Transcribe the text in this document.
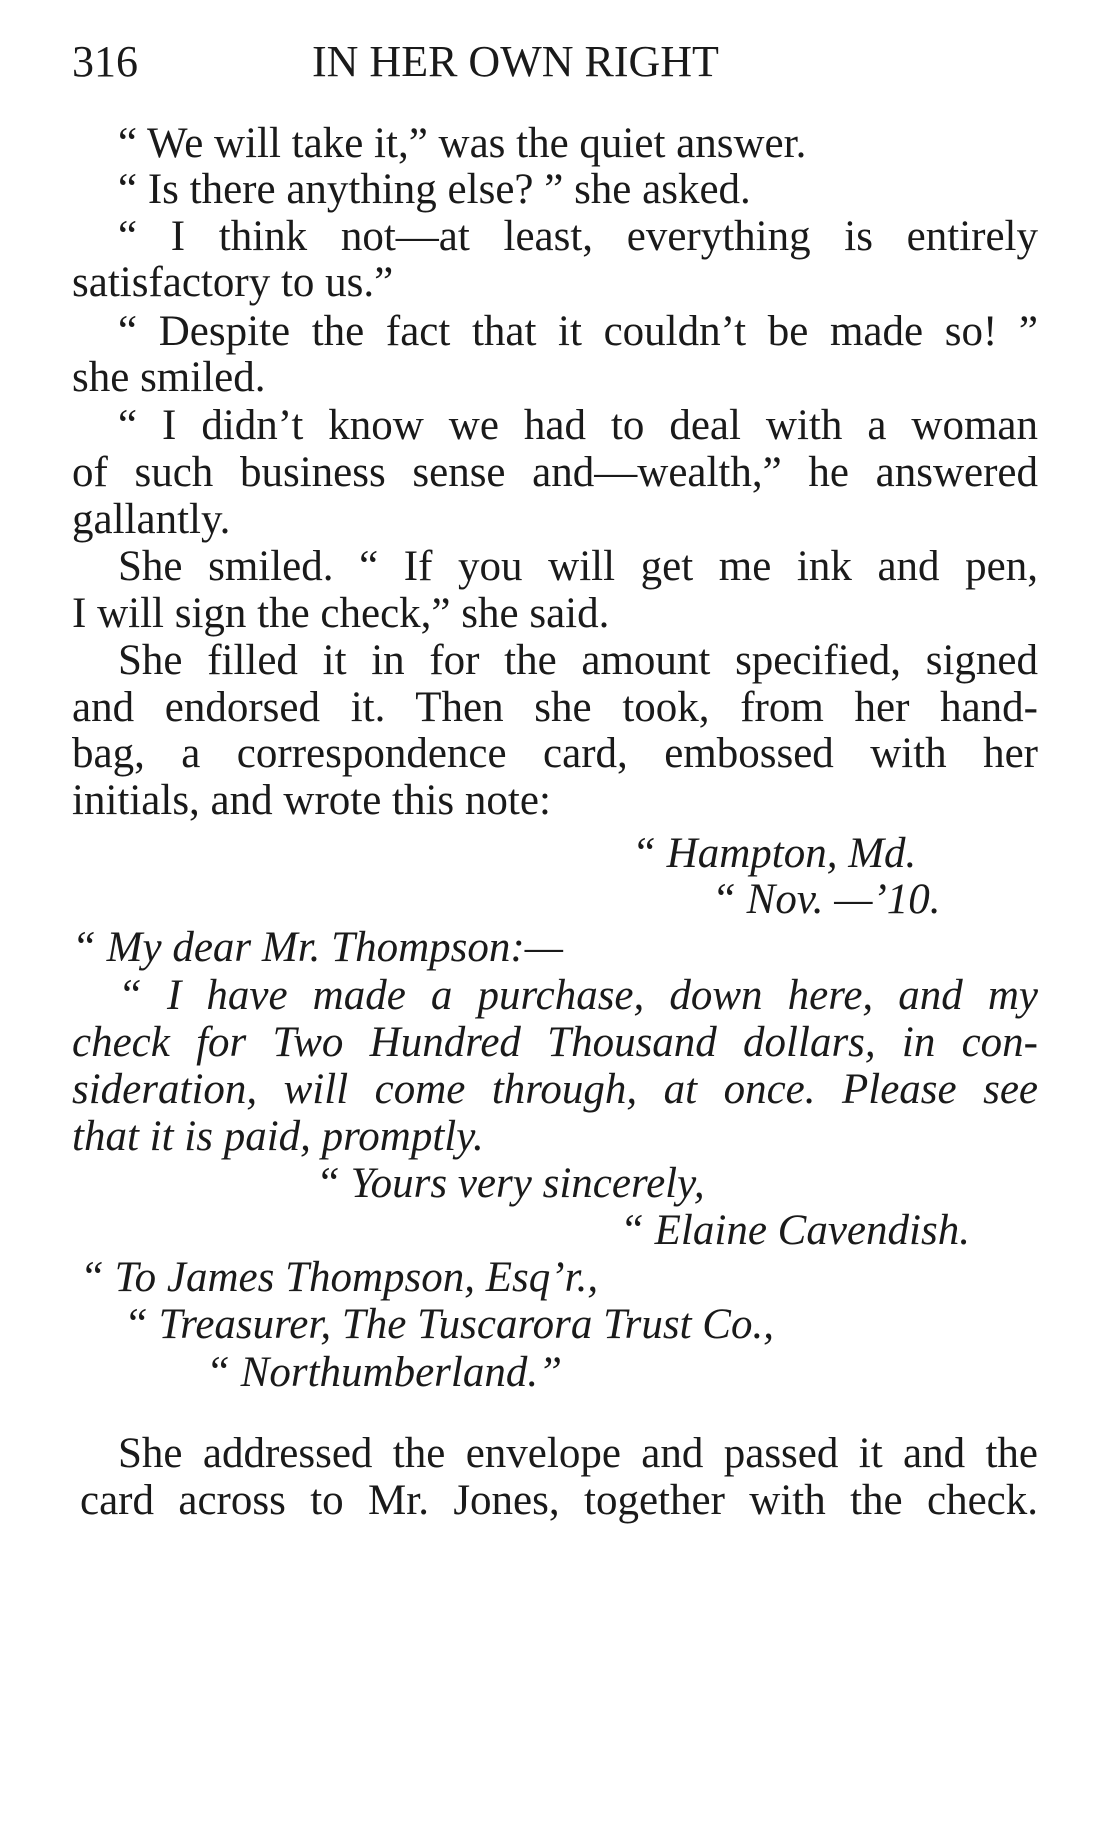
316	IN HER OWN RIGHT
“ We will take it,” was the quiet answer.
“ Is there anything else? ” she asked.
“ I think not—at least, everything is entirely
satisfactory to us.”
“ Despite the fact that it couldn’t be made so! ”
she smiled.
“ I didn’t know we had to deal with a woman
of such business sense and—wealth,” he answered
gallantly.
She smiled. “ If you will get me ink and pen,
I will sign the check,” she said.
She filled it in for the amount specified, signed
and endorsed it. Then she took, from her hand-
bag, a correspondence card, embossed with her
initials, and wrote this note:
“ Hampton, Md.
“ Nov. —’10.
“ My dear Mr. Thompson:—
“ I have made a purchase, down here, and my
check for Two Hundred Thousand dollars, in con-
sideration, will come through, at once. Please see
that it is paid, promptly.
“ Yours very sincerely,
“ Elaine Cavendish.
“ To James Thompson, Esq’r.,
“ Treasurer, The Tuscarora Trust Co.,
“ Northumberland.”
She addressed the envelope and passed it and the
card across to Mr. Jones, together with the check.
